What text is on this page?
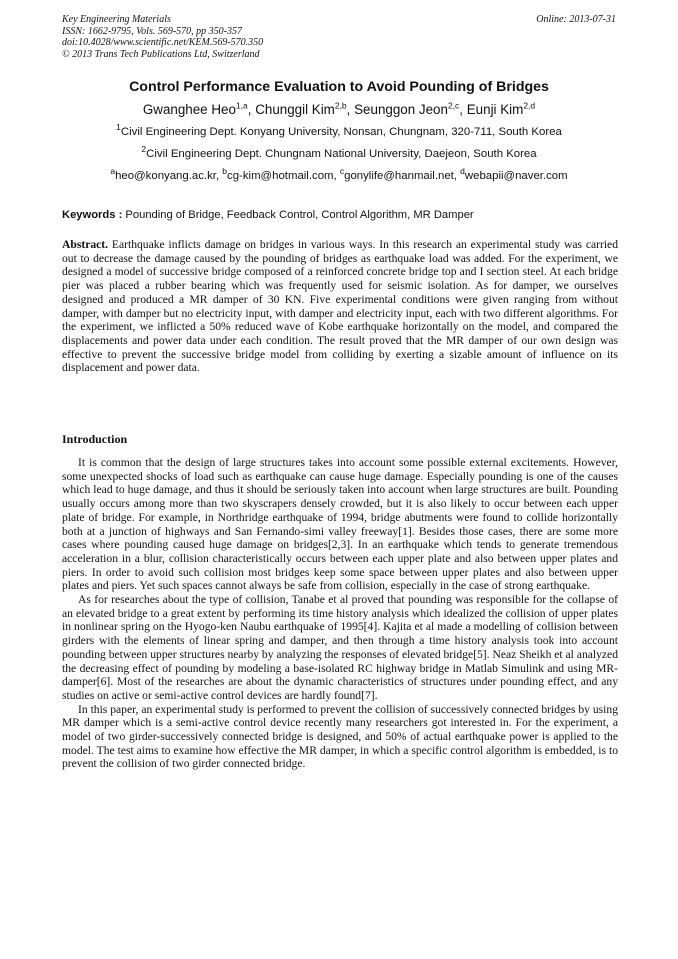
Key Engineering Materials
ISSN: 1662-9795, Vols. 569-570, pp 350-357
doi:10.4028/www.scientific.net/KEM.569-570.350
© 2013 Trans Tech Publications Ltd, Switzerland
Online: 2013-07-31
Control Performance Evaluation to Avoid Pounding of Bridges
Gwanghee Heo$^{1,a}$, Chunggil Kim$^{2,b}$, Seunggon Jeon$^{2,c}$, Eunji Kim$^{2,d}$
$^1$Civil Engineering Dept. Konyang University, Nonsan, Chungnam, 320-711, South Korea
$^2$Civil Engineering Dept. Chungnam National University, Daejeon, South Korea
$^a$heo@konyang.ac.kr, $^b$cg-kim@hotmail.com, $^c$gonylife@hanmail.net, $^d$webapii@naver.com
Keywords : Pounding of Bridge, Feedback Control, Control Algorithm, MR Damper
Abstract. Earthquake inflicts damage on bridges in various ways. In this research an experimental study was carried out to decrease the damage caused by the pounding of bridges as earthquake load was added. For the experiment, we designed a model of successive bridge composed of a reinforced concrete bridge top and I section steel. At each bridge pier was placed a rubber bearing which was frequently used for seismic isolation. As for damper, we ourselves designed and produced a MR damper of 30 KN. Five experimental conditions were given ranging from without damper, with damper but no electricity input, with damper and electricity input, each with two different algorithms. For the experiment, we inflicted a 50% reduced wave of Kobe earthquake horizontally on the model, and compared the displacements and power data under each condition. The result proved that the MR damper of our own design was effective to prevent the successive bridge model from colliding by exerting a sizable amount of influence on its displacement and power data.
Introduction

It is common that the design of large structures takes into account some possible external excitements. However, some unexpected shocks of load such as earthquake can cause huge damage. Especially pounding is one of the causes which lead to huge damage, and thus it should be seriously taken into account when large structures are built. Pounding usually occurs among more than two skyscrapers densely crowded, but it is also likely to occur between each upper plate of bridge. For example, in Northridge earthquake of 1994, bridge abutments were found to collide horizontally both at a junction of highways and San Fernando-simi valley freeway[1]. Besides those cases, there are some more cases where pounding caused huge damage on bridges[2,3]. In an earthquake which tends to generate tremendous acceleration in a blur, collision characteristically occurs between each upper plate and also between upper plates and piers. In order to avoid such collision most bridges keep some space between upper plates and also between upper plates and piers. Yet such spaces cannot always be safe from collision, especially in the case of strong earthquake.

As for researches about the type of collision, Tanabe et al proved that pounding was responsible for the collapse of an elevated bridge to a great extent by performing its time history analysis which idealized the collision of upper plates in nonlinear spring on the Hyogo-ken Naubu earthquake of 1995[4]. Kajita et al made a modelling of collision between girders with the elements of linear spring and damper, and then through a time history analysis took into account pounding between upper structures nearby by analyzing the responses of elevated bridge[5]. Neaz Sheikh et al analyzed the decreasing effect of pounding by modeling a base-isolated RC highway bridge in Matlab Simulink and using MR-damper[6]. Most of the researches are about the dynamic characteristics of structures under pounding effect, and any studies on active or semi-active control devices are hardly found[7].

In this paper, an experimental study is performed to prevent the collision of successively connected bridges by using MR damper which is a semi-active control device recently many researchers got interested in. For the experiment, a model of two girder-successively connected bridge is designed, and 50% of actual earthquake power is applied to the model. The test aims to examine how effective the MR damper, in which a specific control algorithm is embedded, is to prevent the collision of two girder connected bridge.
